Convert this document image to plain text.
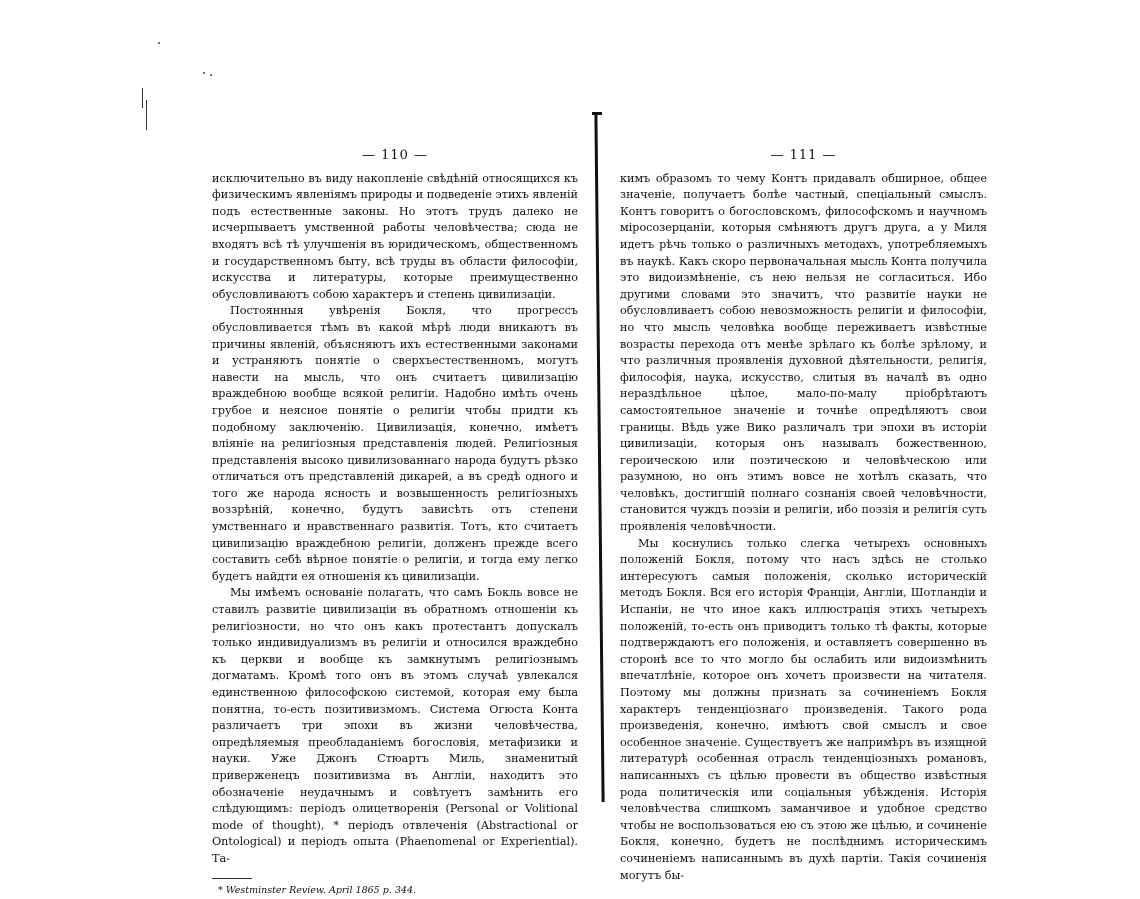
— 110 —

исключительно въ виду накопленіе свѣдѣній относящихся къ физическимъ явленіямъ природы и подведеніе этихъ явленій подъ естественные законы. Но этотъ трудъ далеко не исчерпываетъ умственной работы человѣчества; сюда не входятъ всѣ тѣ улучшенія въ юридическомъ, общественномъ и государственномъ быту, всѣ труды въ области философіи, искусства и литературы, которые преимущественно обусловливаютъ собою характеръ и степень цивилизаціи.

Постоянныя увѣренія Бокля, что прогрессъ обусловливается тѣмъ въ какой мѣрѣ люди вникаютъ въ причины явленій, объясняютъ ихъ естественными законами и устраняютъ понятіе о сверхъестественномъ, могутъ навести на мысль, что онъ считаетъ цивилизацію враждебною вообще всякой религіи. Надобно имѣть очень грубое и неясное понятіе о религіи чтобы придти къ подобному заключенію. Цивилизація, конечно, имѣетъ вліяніе на религіозныя представленія людей. Религіозныя представленія высоко цивилизованнаго народа будутъ рѣзко отличаться отъ представленій дикарей, а въ средѣ одного и того же народа ясность и возвышенность религіозныхъ воззрѣній, конечно, будутъ зависѣть отъ степени умственнаго и нравственнаго развитія. Тотъ, кто считаетъ цивилизацію враждебною религіи, долженъ прежде всего составить себѣ вѣрное понятіе о религіи, и тогда ему легко будетъ найдти ея отношенія къ цивилизаціи.

Мы имѣемъ основаніе полагать, что самъ Бокль вовсе не ставилъ развитіе цивилизаціи въ обратномъ отношеніи къ религіозности, но что онъ какъ протестантъ допускалъ только индивидуализмъ въ религіи и относился враждебно къ церкви и вообще къ замкнутымъ религіознымъ догматамъ. Кромѣ того онъ въ этомъ случаѣ увлекался единственною философскою системой, которая ему была понятна, то-есть позитивизмомъ. Система Огюста Конта различаетъ три эпохи въ жизни человѣчества, опредѣляемыя преобладаніемъ богословія, метафизики и науки. Уже Джонъ Стюартъ Миль, знаменитый приверженецъ позитивизма въ Англіи, находитъ это обозначеніе неудачнымъ и совѣтуетъ замѣнить его слѣдующимъ: періодъ олицетворенія (Personal or Volitional mode of thought), * періодъ отвлеченія (Abstractional or Ontological) и періодъ опыта (Phaenomenal or Experiential). Та-

* Westminster Review. April 1865 p. 344.
— 111 —

кимъ образомъ то чему Контъ придавалъ обширное, общее значеніе, получаетъ болѣе частный, спеціальный смыслъ. Контъ говоритъ о богословскомъ, философскомъ и научномъ міросозерцаніи, которыя смѣняютъ другъ друга, а у Миля идетъ рѣчь только о различныхъ методахъ, употребляемыхъ въ наукѣ. Какъ скоро первоначальная мысль Конта получила это видоизмѣненіе, съ нею нельзя не согласиться. Ибо другими словами это значитъ, что развитіе науки не обусловливаетъ собою невозможность религіи и философіи, но что мысль человѣка вообще переживаетъ извѣстные возрасты перехода отъ менѣе зрѣлаго къ болѣе зрѣлому, и что различныя проявленія духовной дѣятельности, религія, философія, наука, искусство, слитыя въ началѣ въ одно нераздѣльное цѣлое, мало-по-малу пріобрѣтаютъ самостоятельное значеніе и точнѣе опредѣляютъ свои границы. Вѣдь уже Вико различалъ три эпохи въ исторіи цивилизаціи, которыя онъ называлъ божественною, героическою или поэтическою и человѣческою или разумною, но онъ этимъ вовсе не хотѣлъ сказать, что человѣкъ, достигшій полнаго сознанія своей человѣчности, становится чуждъ поэзіи и религіи, ибо поэзія и религія суть проявленія человѣчности.

Мы коснулись только слегка четырехъ основныхъ положеній Бокля, потому что насъ здѣсь не столько интересуютъ самыя положенія, сколько историческій методъ Бокля. Вся его исторія Франціи, Англіи, Шотландіи и Испаніи, не что иное какъ иллюстрація этихъ четырехъ положеній, то-есть онъ приводитъ только тѣ факты, которые подтверждаютъ его положенія, и оставляетъ совершенно въ сторонѣ все то что могло бы ослабить или видоизмѣнить впечатлѣніе, которое онъ хочетъ произвести на читателя. Поэтому мы должны признать за сочиненіемъ Бокля характеръ тенденціознаго произведенія. Такого рода произведенія, конечно, имѣютъ свой смыслъ и свое особенное значеніе. Существуетъ же напримѣръ въ изящной литературѣ особенная отрасль тенденціозныхъ романовъ, написанныхъ съ цѣлью провести въ общество извѣстныя рода политическія или соціальныя убѣжденія. Исторія человѣчества слишкомъ заманчивое и удобное средство чтобы не воспользоваться ею съ этою же цѣлью, и сочиненіе Бокля, конечно, будетъ не послѣднимъ историческимъ сочиненіемъ написаннымъ въ духѣ партіи. Такія сочиненія могутъ бы-
